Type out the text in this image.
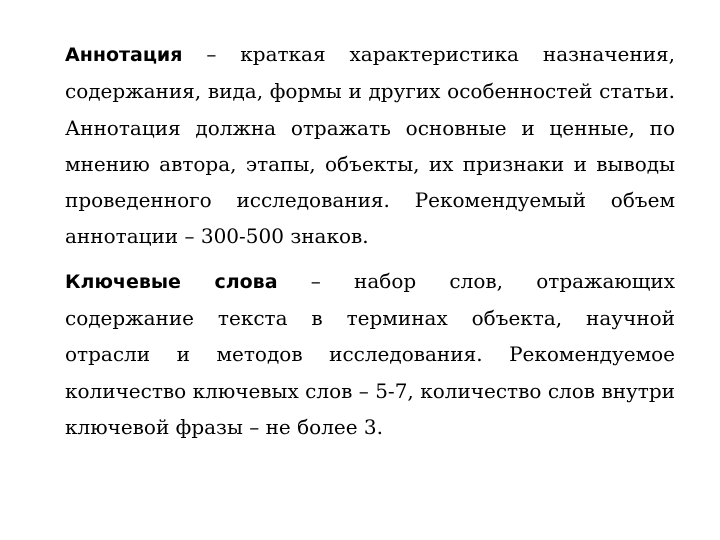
Аннотация – краткая характеристика назначения, содержания, вида, формы и других особенностей статьи. Аннотация должна отражать основные и ценные, по мнению автора, этапы, объекты, их признаки и выводы проведенного исследования. Рекомендуемый объем аннотации – 300-500 знаков.

Ключевые слова – набор слов, отражающих содержание текста в терминах объекта, научной отрасли и методов исследования. Рекомендуемое количество ключевых слов – 5-7, количество слов внутри ключевой фразы – не более 3.
